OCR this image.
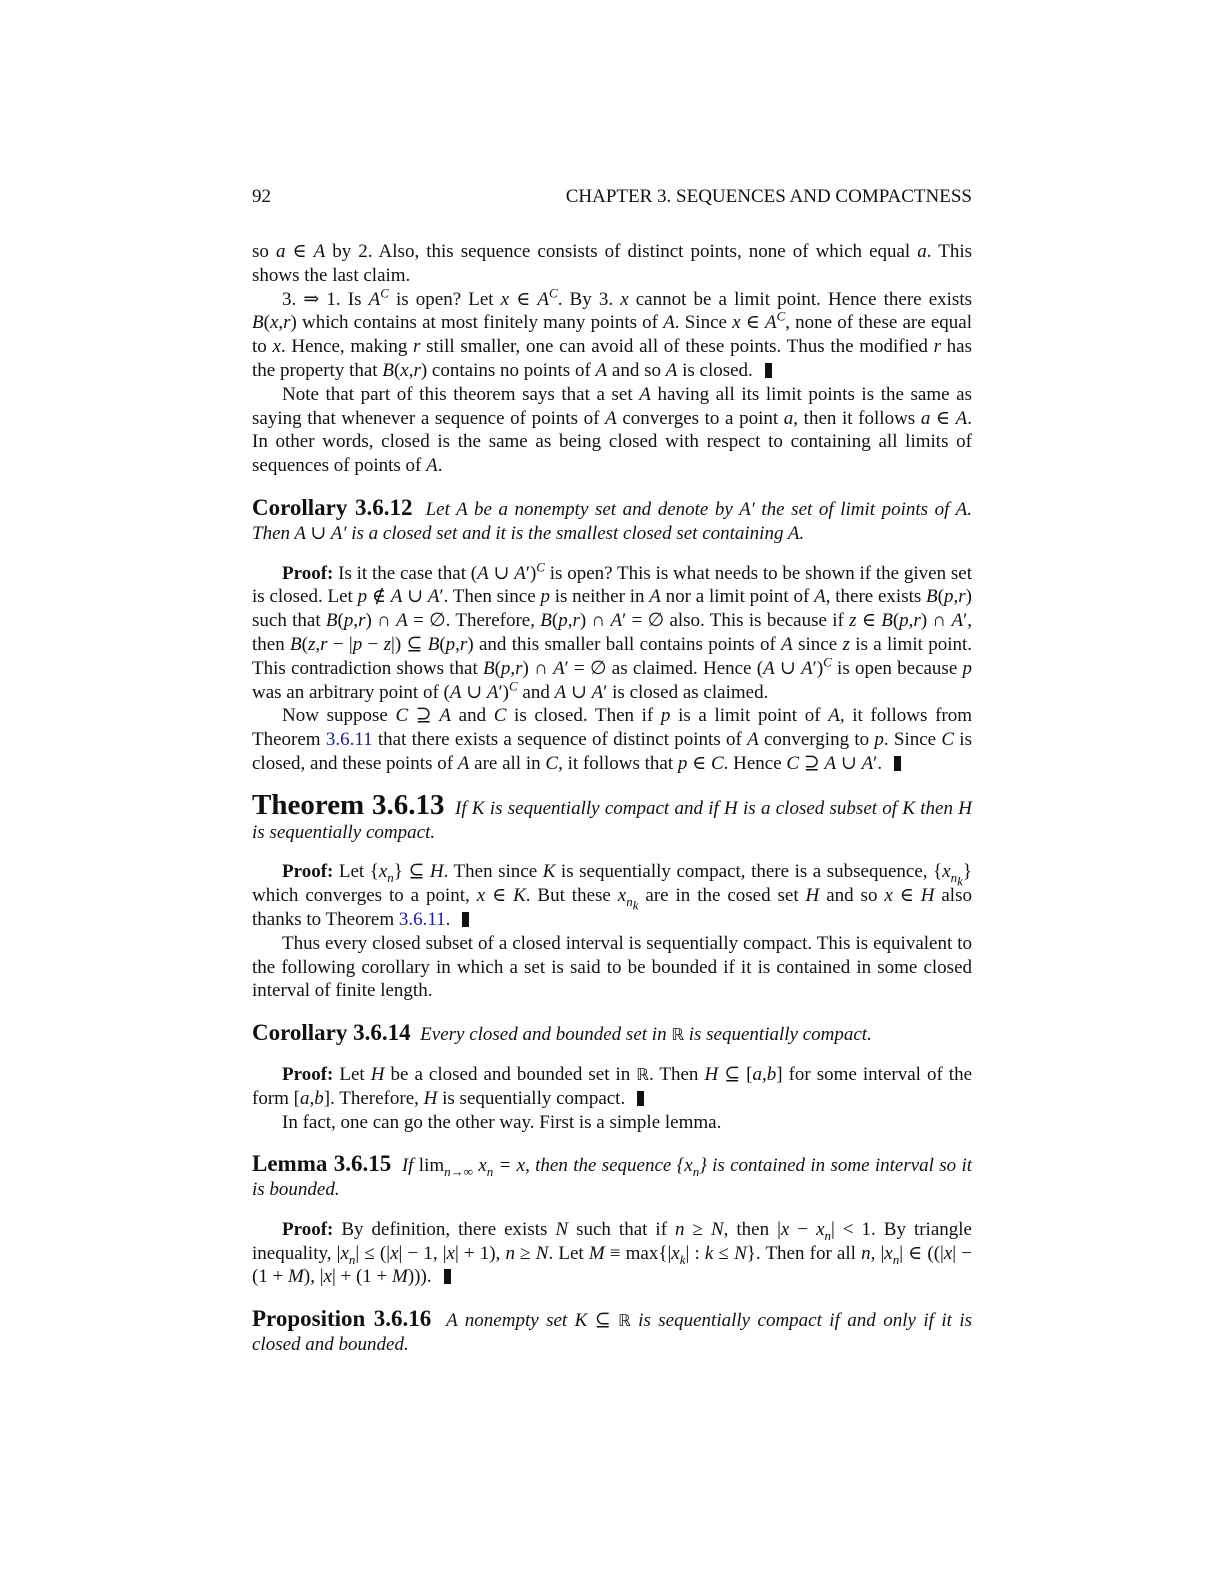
92	CHAPTER 3. SEQUENCES AND COMPACTNESS

so a ∈ A by 2. Also, this sequence consists of distinct points, none of which equal a. This shows the last claim.

3. ⇒ 1. Is $A^C$ is open? Let x ∈ $A^C$. By 3. x cannot be a limit point. Hence there exists B(x,r) which contains at most finitely many points of A. Since x ∈ $A^C$, none of these are equal to x. Hence, making r still smaller, one can avoid all of these points. Thus the modified r has the property that B(x,r) contains no points of A and so A is closed.

Note that part of this theorem says that a set A having all its limit points is the same as saying that whenever a sequence of points of A converges to a point a, then it follows a ∈ A. In other words, closed is the same as being closed with respect to containing all limits of sequences of points of A.

Corollary 3.6.12 Let A be a nonempty set and denote by A′ the set of limit points of A. Then A ∪ A′ is a closed set and it is the smallest closed set containing A.

Proof: Is it the case that (A ∪ A′)$^C$ is open? This is what needs to be shown if the given set is closed. Let p ∉ A ∪ A′. Then since p is neither in A nor a limit point of A, there exists B(p,r) such that B(p,r) ∩ A = ∅. Therefore, B(p,r) ∩ A′ = ∅ also. This is because if z ∈ B(p,r) ∩ A′, then B(z,r − |p − z|) ⊆ B(p,r) and this smaller ball contains points of A since z is a limit point. This contradiction shows that B(p,r) ∩ A′ = ∅ as claimed. Hence (A ∪ A′)$^C$ is open because p was an arbitrary point of (A ∪ A′)$^C$ and A ∪ A′ is closed as claimed.

Now suppose C ⊇ A and C is closed. Then if p is a limit point of A, it follows from Theorem 3.6.11 that there exists a sequence of distinct points of A converging to p. Since C is closed, and these points of A are all in C, it follows that p ∈ C. Hence C ⊇ A ∪ A′.

Theorem 3.6.13 If K is sequentially compact and if H is a closed subset of K then H is sequentially compact.

Proof: Let $\{x_n\}$ ⊆ H. Then since K is sequentially compact, there is a subsequence, $\{x_{n_k}\}$ which converges to a point, x ∈ K. But these $x_{n_k}$ are in the cosed set H and so x ∈ H also thanks to Theorem 3.6.11.

Thus every closed subset of a closed interval is sequentially compact. This is equivalent to the following corollary in which a set is said to be bounded if it is contained in some closed interval of finite length.

Corollary 3.6.14 Every closed and bounded set in ℝ is sequentially compact.

Proof: Let H be a closed and bounded set in ℝ. Then H ⊆ [a,b] for some interval of the form [a,b]. Therefore, H is sequentially compact.

In fact, one can go the other way. First is a simple lemma.

Lemma 3.6.15 If $\lim_{n\to\infty} x_n = x$, then the sequence $\{x_n\}$ is contained in some interval so it is bounded.

Proof: By definition, there exists N such that if n ≥ N, then $|x - x_n| < 1$. By triangle inequality, $|x_n| \le (|x| - 1$, |x| + 1), n ≥ N. Let $M \equiv \max\{|x_k|$ : k ≤ N}. Then for all n, $|x_n|$ ∈ ((|x| − (1 + M), |x| + (1 + M))).

Proposition 3.6.16 A nonempty set K ⊆ ℝ is sequentially compact if and only if it is closed and bounded.
